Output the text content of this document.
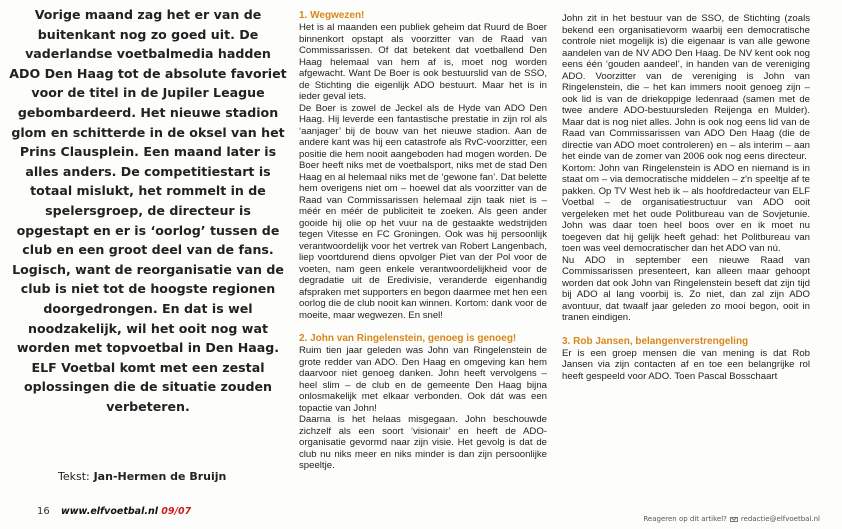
Vorige maand zag het er van de buitenkant nog zo goed uit. De vaderlandse voetbalmedia hadden ADO Den Haag tot de absolute favoriet voor de titel in de Jupiler League gebombardeerd. Het nieuwe stadion glom en schitterde in de oksel van het Prins Clausplein. Een maand later is alles anders. De competitiestart is totaal mislukt, het rommelt in de spelersgroep, de directeur is opgestapt en er is ‘oorlog’ tussen de club en een groot deel van de fans. Logisch, want de reorganisatie van de club is niet tot de hoogste regionen doorgedrongen. En dat is wel noodzakelijk, wil het ooit nog wat worden met topvoetbal in Den Haag. ELF Voetbal komt met een zestal oplossingen die de situatie zouden verbeteren.

Tekst: Jan-Hermen de Bruijn
1. Wegwezen!

Het is al maanden een publiek geheim dat Ruurd de Boer binnenkort opstapt als voorzitter van de Raad van Commissarissen. Of dat betekent dat voetballend Den Haag helemaal van hem af is, moet nog worden afgewacht. Want De Boer is ook bestuurslid van de SSO, de Stichting die eigenlijk ADO bestuurt. Maar het is in ieder geval iets.

De Boer is zowel de Jeckel als de Hyde van ADO Den Haag. Hij leverde een fantastische prestatie in zijn rol als ‘aanjager’ bij de bouw van het nieuwe stadion. Aan de andere kant was hij een catastrofe als RvC-voorzitter, een positie die hem nooit aangeboden had mogen worden. De Boer heeft niks met de voetbalsport, niks met de stad Den Haag en al helemaal niks met de ‘gewone fan’. Dat belette hem overigens niet om – hoewel dat als voorzitter van de Raad van Commissarissen helemaal zijn taak niet is – méér en méér de publiciteit te zoeken. Als geen ander gooide hij olie op het vuur na de gestaakte wedstrijden tegen Vitesse en FC Groningen. Ook was hij persoonlijk verantwoordelijk voor het vertrek van Robert Langenbach, liep voortdurend diens opvolger Piet van der Pol voor de voeten, nam geen enkele verantwoordelijkheid voor de degradatie uit de Eredivisie, veranderde eigenhandig afspraken met supporters en begon daarmee met hen een oorlog die de club nooit kan winnen. Kortom: dank voor de moeite, maar wegwezen. En snel!

2. John van Ringelenstein, genoeg is genoeg!

Ruim tien jaar geleden was John van Ringelenstein de grote redder van ADO. Den Haag en omgeving kan hem daarvoor niet genoeg danken. John heeft vervolgens – heel slim – de club en de gemeente Den Haag bijna onlosmakelijk met elkaar verbonden. Ook dát was een topactie van John!

Daarna is het helaas misgegaan. John beschouwde zichzelf als een soort ‘visionair’ en heeft de ADO-organisatie gevormd naar zijn visie. Het gevolg is dat de club nu niks meer en niks minder is dan zijn persoonlijke speeltje.

John zit in het bestuur van de SSO, de Stichting (zoals bekend een organisatievorm waarbij een democratische controle niet mogelijk is) die eigenaar is van alle gewone aandelen van de NV ADO Den Haag. De NV kent ook nog eens één ‘gouden aandeel’, in handen van de vereniging ADO. Voorzitter van de vereniging is John van Ringelenstein, die – het kan immers nooit genoeg zijn – ook lid is van de driekoppige ledenraad (samen met de twee andere ADO-bestuursleden Reijenga en Mulder). Maar dat is nog niet alles. John is ook nog eens lid van de Raad van Commissarissen van ADO Den Haag (die de directie van ADO moet controleren) en – als interim – aan het einde van de zomer van 2006 ook nog eens directeur.

Kortom: John van Ringelenstein is ADO en niemand is in staat om – via democratische middelen – z'n speeltje af te pakken. Op TV West heb ik – als hoofdredacteur van ELF Voetbal – de organisatiestructuur van ADO ooit vergeleken met het oude Politbureau van de Sovjetunie. John was daar toen heel boos over en ik moet nu toegeven dat hij gelijk heeft gehad: het Politbureau van toen was veel democratischer dan het ADO van nú.

Nu ADO in september een nieuwe Raad van Commissarissen presenteert, kan alleen maar gehoopt worden dat ook John van Ringelenstein beseft dat zijn tijd bij ADO al lang voorbij is. Zo niet, dan zal zijn ADO avontuur, dat twaalf jaar geleden zo mooi begon, ooit in tranen eindigen.

3. Rob Jansen, belangenverstrengeling

Er is een groep mensen die van mening is dat Rob Jansen via zijn contacten af en toe een belangrijke rol heeft gespeeld voor ADO. Toen Pascal Bosschaart

16 www.elfvoetbal.nl 09/07
Reageren op dit artikel? redactie@elfvoetbal.nl
